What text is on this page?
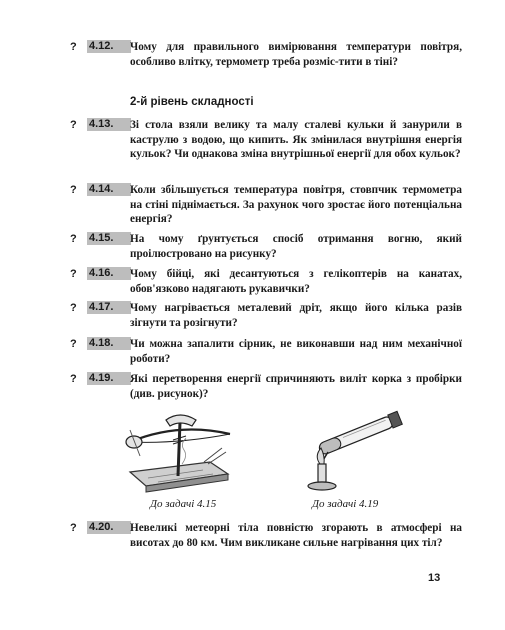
? 4.12.	Чому для правильного вимірювання температури повітря, особливо влітку, термометр треба розміс-тити в тіні?
2-й рівень складності
? 4.13.	Зі стола взяли велику та малу сталеві кульки й занурили в каструлю з водою, що кипить. Як змінилася внутрішня енергія кульок? Чи однакова зміна внутрішньої енергії для обох кульок?
? 4.14.	Коли збільшується температура повітря, стовпчик термометра на стіні піднімається. За рахунок чого зростає його потенціальна енергія?
? 4.15.	На чому ґрунтується спосіб отримання вогню, який проілюстровано на рисунку?
? 4.16.	Чому бійці, які десантуються з гелікоптерів на канатах, обов'язково надягають рукавички?
? 4.17.	Чому нагрівається металевий дріт, якщо його кілька разів зігнути та розігнути?
? 4.18.	Чи можна запалити сірник, не виконавши над ним механічної роботи?
? 4.19.	Які перетворення енергії спричиняють виліт корка з пробірки (див. рисунок)?
До задачі 4.15	До задачі 4.19
? 4.20.	Невеликі метеорні тіла повністю згорають в атмосфері на висотах до 80 км. Чим викликане сильне нагрівання цих тіл?
13
